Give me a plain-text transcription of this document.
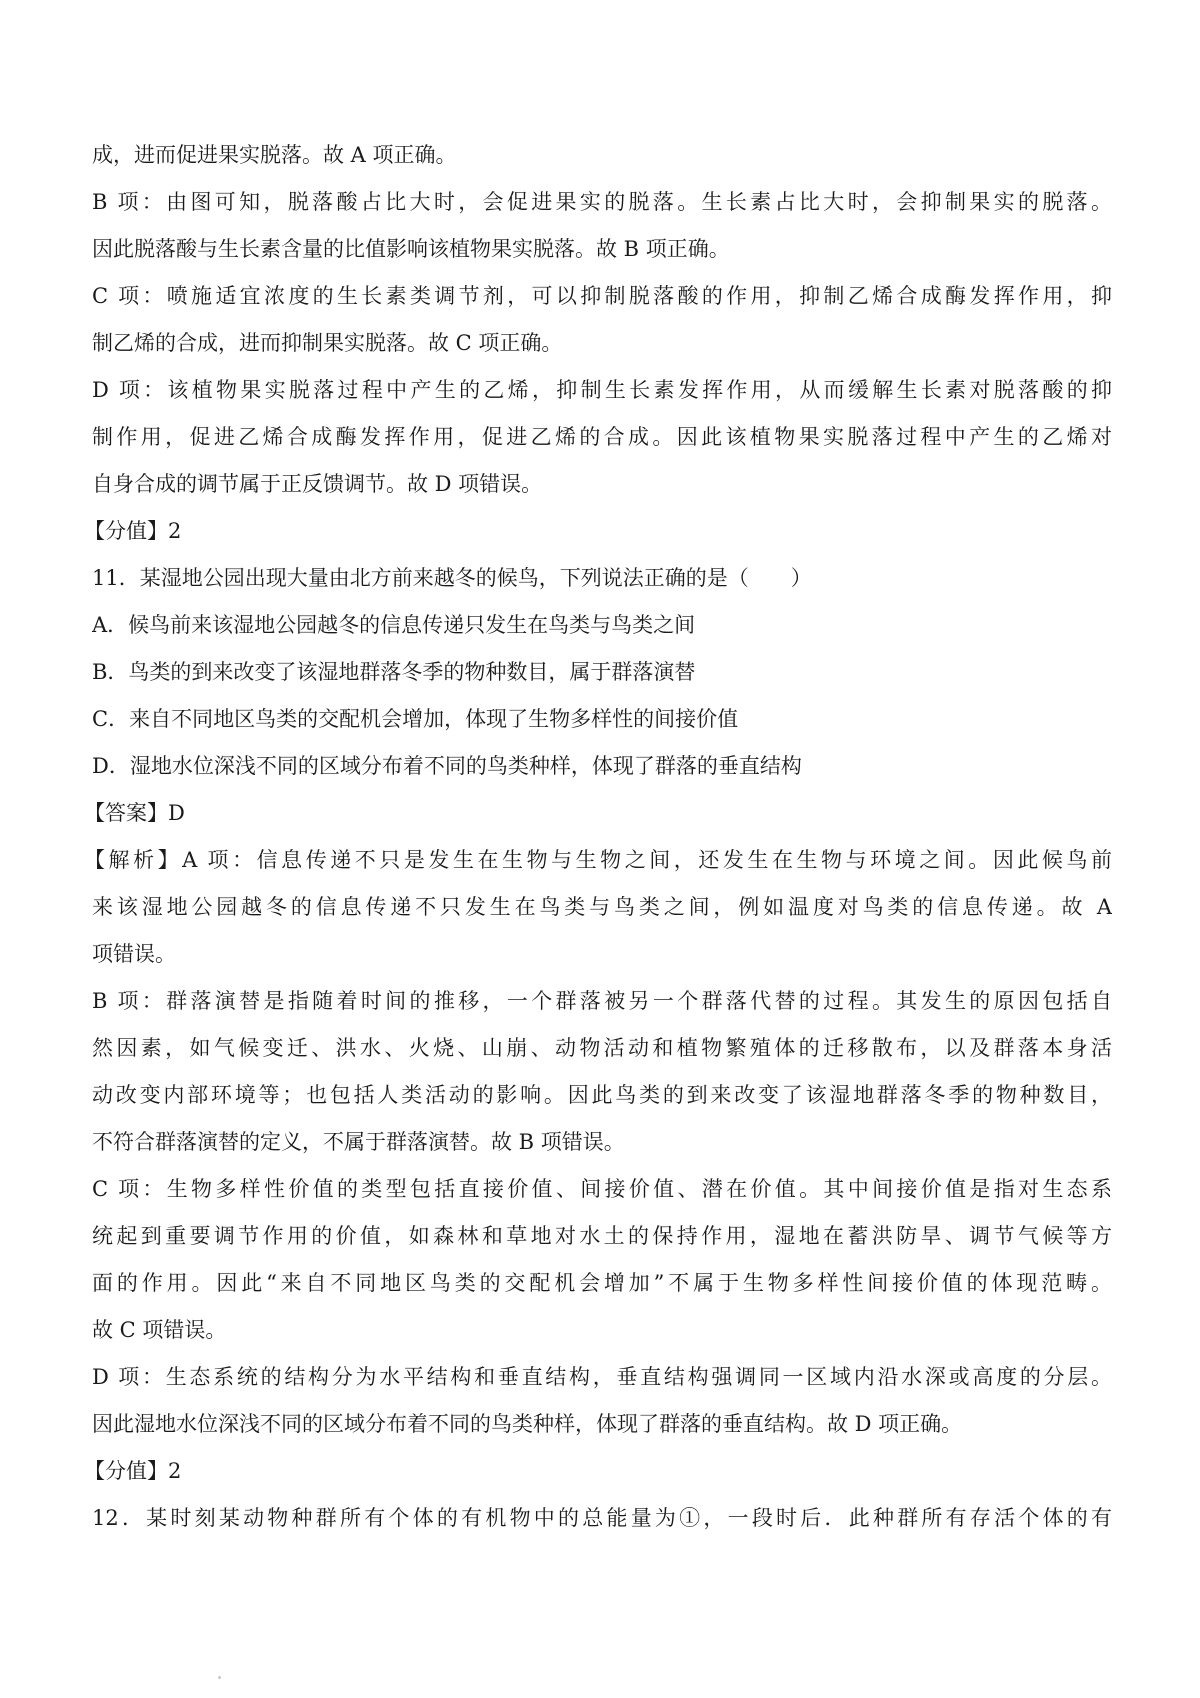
成，进而促进果实脱落。故 A 项正确。
B 项：由图可知，脱落酸占比大时，会促进果实的脱落。生长素占比大时，会抑制果实的脱落。
因此脱落酸与生长素含量的比值影响该植物果实脱落。故 B 项正确。
C 项：喷施适宜浓度的生长素类调节剂，可以抑制脱落酸的作用，抑制乙烯合成酶发挥作用，抑
制乙烯的合成，进而抑制果实脱落。故 C 项正确。
D 项：该植物果实脱落过程中产生的乙烯，抑制生长素发挥作用，从而缓解生长素对脱落酸的抑
制作用，促进乙烯合成酶发挥作用，促进乙烯的合成。因此该植物果实脱落过程中产生的乙烯对
自身合成的调节属于正反馈调节。故 D 项错误。
【分值】2
11．某湿地公园出现大量由北方前来越冬的候鸟，下列说法正确的是（　　）
A．候鸟前来该湿地公园越冬的信息传递只发生在鸟类与鸟类之间
B．鸟类的到来改变了该湿地群落冬季的物种数目，属于群落演替
C．来自不同地区鸟类的交配机会增加，体现了生物多样性的间接价值
D．湿地水位深浅不同的区域分布着不同的鸟类种样，体现了群落的垂直结构
【答案】D
【解析】A 项：信息传递不只是发生在生物与生物之间，还发生在生物与环境之间。因此候鸟前
来该湿地公园越冬的信息传递不只发生在鸟类与鸟类之间，例如温度对鸟类的信息传递。故 A
项错误。
B 项：群落演替是指随着时间的推移，一个群落被另一个群落代替的过程。其发生的原因包括自
然因素，如气候变迁、洪水、火烧、山崩、动物活动和植物繁殖体的迁移散布，以及群落本身活
动改变内部环境等；也包括人类活动的影响。因此鸟类的到来改变了该湿地群落冬季的物种数目，
不符合群落演替的定义，不属于群落演替。故 B 项错误。
C 项：生物多样性价值的类型包括直接价值、间接价值、潜在价值。其中间接价值是指对生态系
统起到重要调节作用的价值，如森林和草地对水土的保持作用，湿地在蓄洪防旱、调节气候等方
面的作用。因此“来自不同地区鸟类的交配机会增加”不属于生物多样性间接价值的体现范畴。
故 C 项错误。
D 项：生态系统的结构分为水平结构和垂直结构，垂直结构强调同一区域内沿水深或高度的分层。
因此湿地水位深浅不同的区域分布着不同的鸟类种样，体现了群落的垂直结构。故 D 项正确。
【分值】2
12．某时刻某动物种群所有个体的有机物中的总能量为①，一段时后．此种群所有存活个体的有
